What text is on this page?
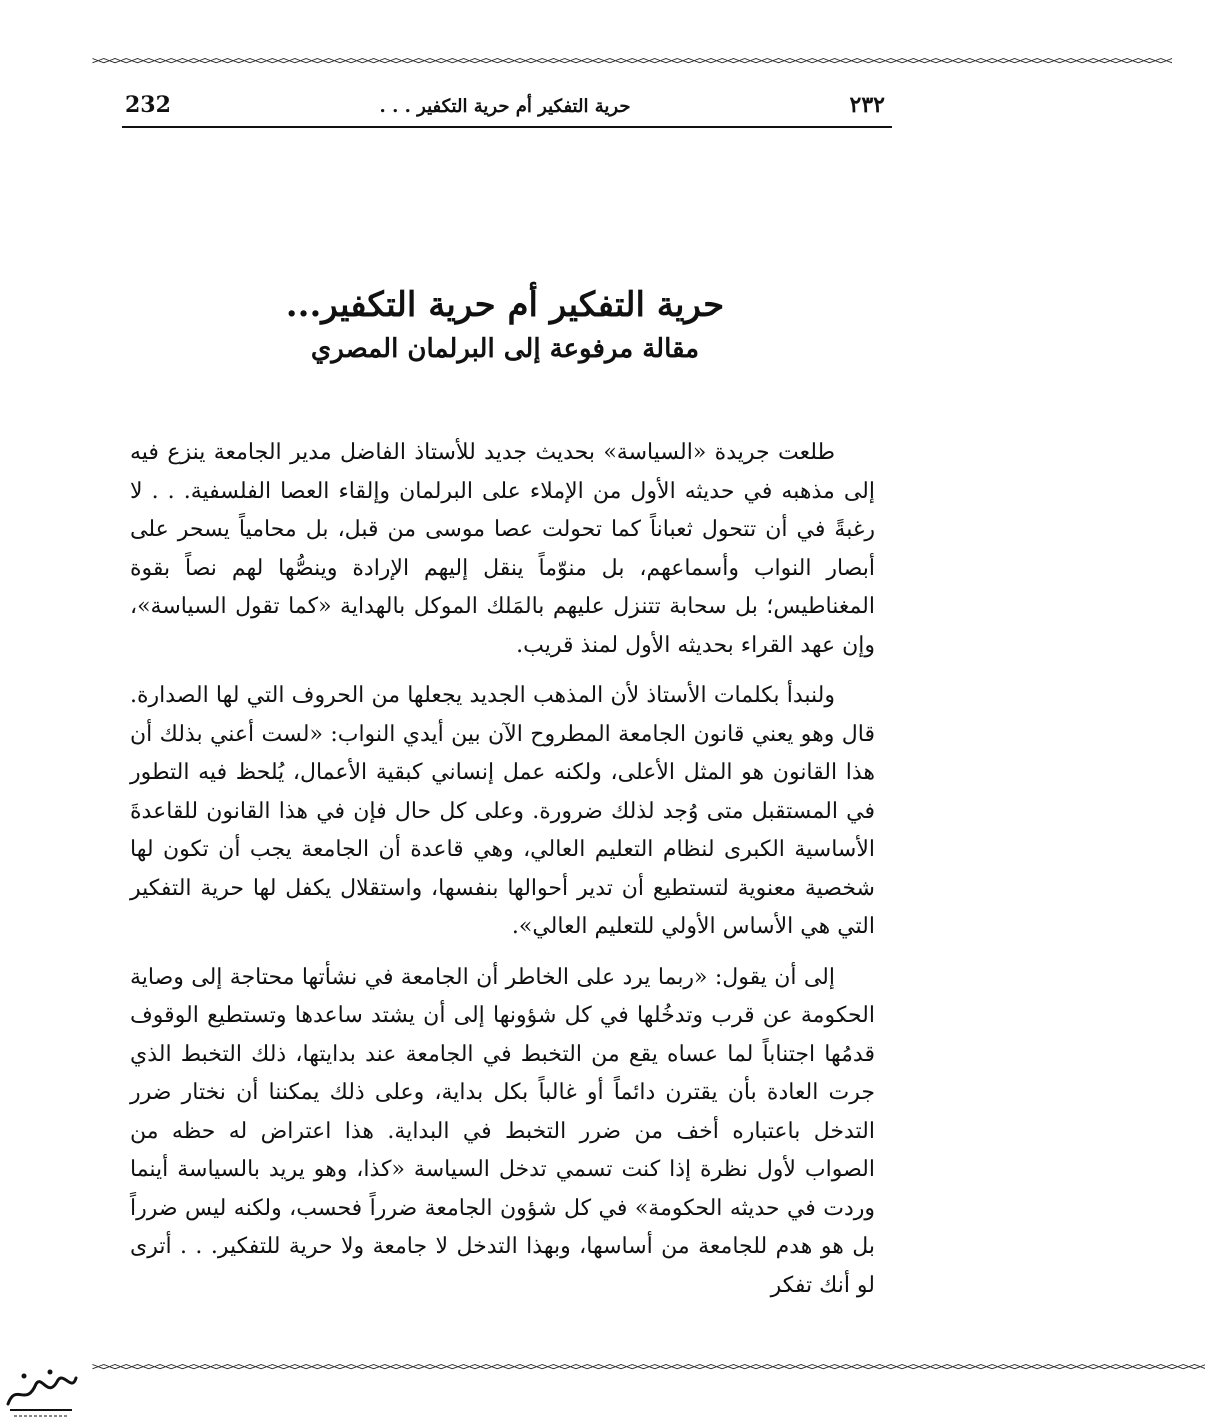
><><><><><><><><><><><><><><><><><><><><><><><><><><><><><><><><><><><><><><><><><><><><><><><><><><><><><><><><><><><><><><><><><><><><><><><><><><><><><><><><><><><><><><><><><><><><><><><><
232	حرية التفكير أم حرية التكفير . . .	٢٣٢
حرية التفكير أم حرية التكفير...
مقالة مرفوعة إلى البرلمان المصري

طلعت جريدة «السياسة» بحديث جديد للأستاذ الفاضل مدير الجامعة ينزع فيه إلى مذهبه في حديثه الأول من الإملاء على البرلمان وإلقاء العصا الفلسفية. . . لا رغبةً في أن تتحول ثعباناً كما تحولت عصا موسى من قبل، بل محامياً يسحر على أبصار النواب وأسماعهم، بل منوّماً ينقل إليهم الإرادة وينصُّها لهم نصاً بقوة المغناطيس؛ بل سحابة تتنزل عليهم بالمَلك الموكل بالهداية «كما تقول السياسة»، وإن عهد القراء بحديثه الأول لمنذ قريب.

ولنبدأ بكلمات الأستاذ لأن المذهب الجديد يجعلها من الحروف التي لها الصدارة. قال وهو يعني قانون الجامعة المطروح الآن بين أيدي النواب: «لست أعني بذلك أن هذا القانون هو المثل الأعلى، ولكنه عمل إنساني كبقية الأعمال، يُلحظ فيه التطور في المستقبل متى وُجد لذلك ضرورة. وعلى كل حال فإن في هذا القانون للقاعدةَ الأساسية الكبرى لنظام التعليم العالي، وهي قاعدة أن الجامعة يجب أن تكون لها شخصية معنوية لتستطيع أن تدير أحوالها بنفسها، واستقلال يكفل لها حرية التفكير التي هي الأساس الأولي للتعليم العالي».

إلى أن يقول: «ربما يرد على الخاطر أن الجامعة في نشأتها محتاجة إلى وصاية الحكومة عن قرب وتدخُلها في كل شؤونها إلى أن يشتد ساعدها وتستطيع الوقوف قدمُها اجتناباً لما عساه يقع من التخبط في الجامعة عند بدايتها، ذلك التخبط الذي جرت العادة بأن يقترن دائماً أو غالباً بكل بداية، وعلى ذلك يمكننا أن نختار ضرر التدخل باعتباره أخف من ضرر التخبط في البداية. هذا اعتراض له حظه من الصواب لأول نظرة إذا كنت تسمي تدخل السياسة «كذا، وهو يريد بالسياسة أينما وردت في حديثه الحكومة» في كل شؤون الجامعة ضرراً فحسب، ولكنه ليس ضرراً بل هو هدم للجامعة من أساسها، وبهذا التدخل لا جامعة ولا حرية للتفكير. . . أترى لو أنك تفكر

><><><><><><><><><><><><><><><><><><><><><><><><><><><><><><><><><><><><><><><><><><><><><><><><><><><><><><><><><><><><><><><><><><><><><><><><><><><><><><><><><><><><><><><><><><><><><><><><><><><
